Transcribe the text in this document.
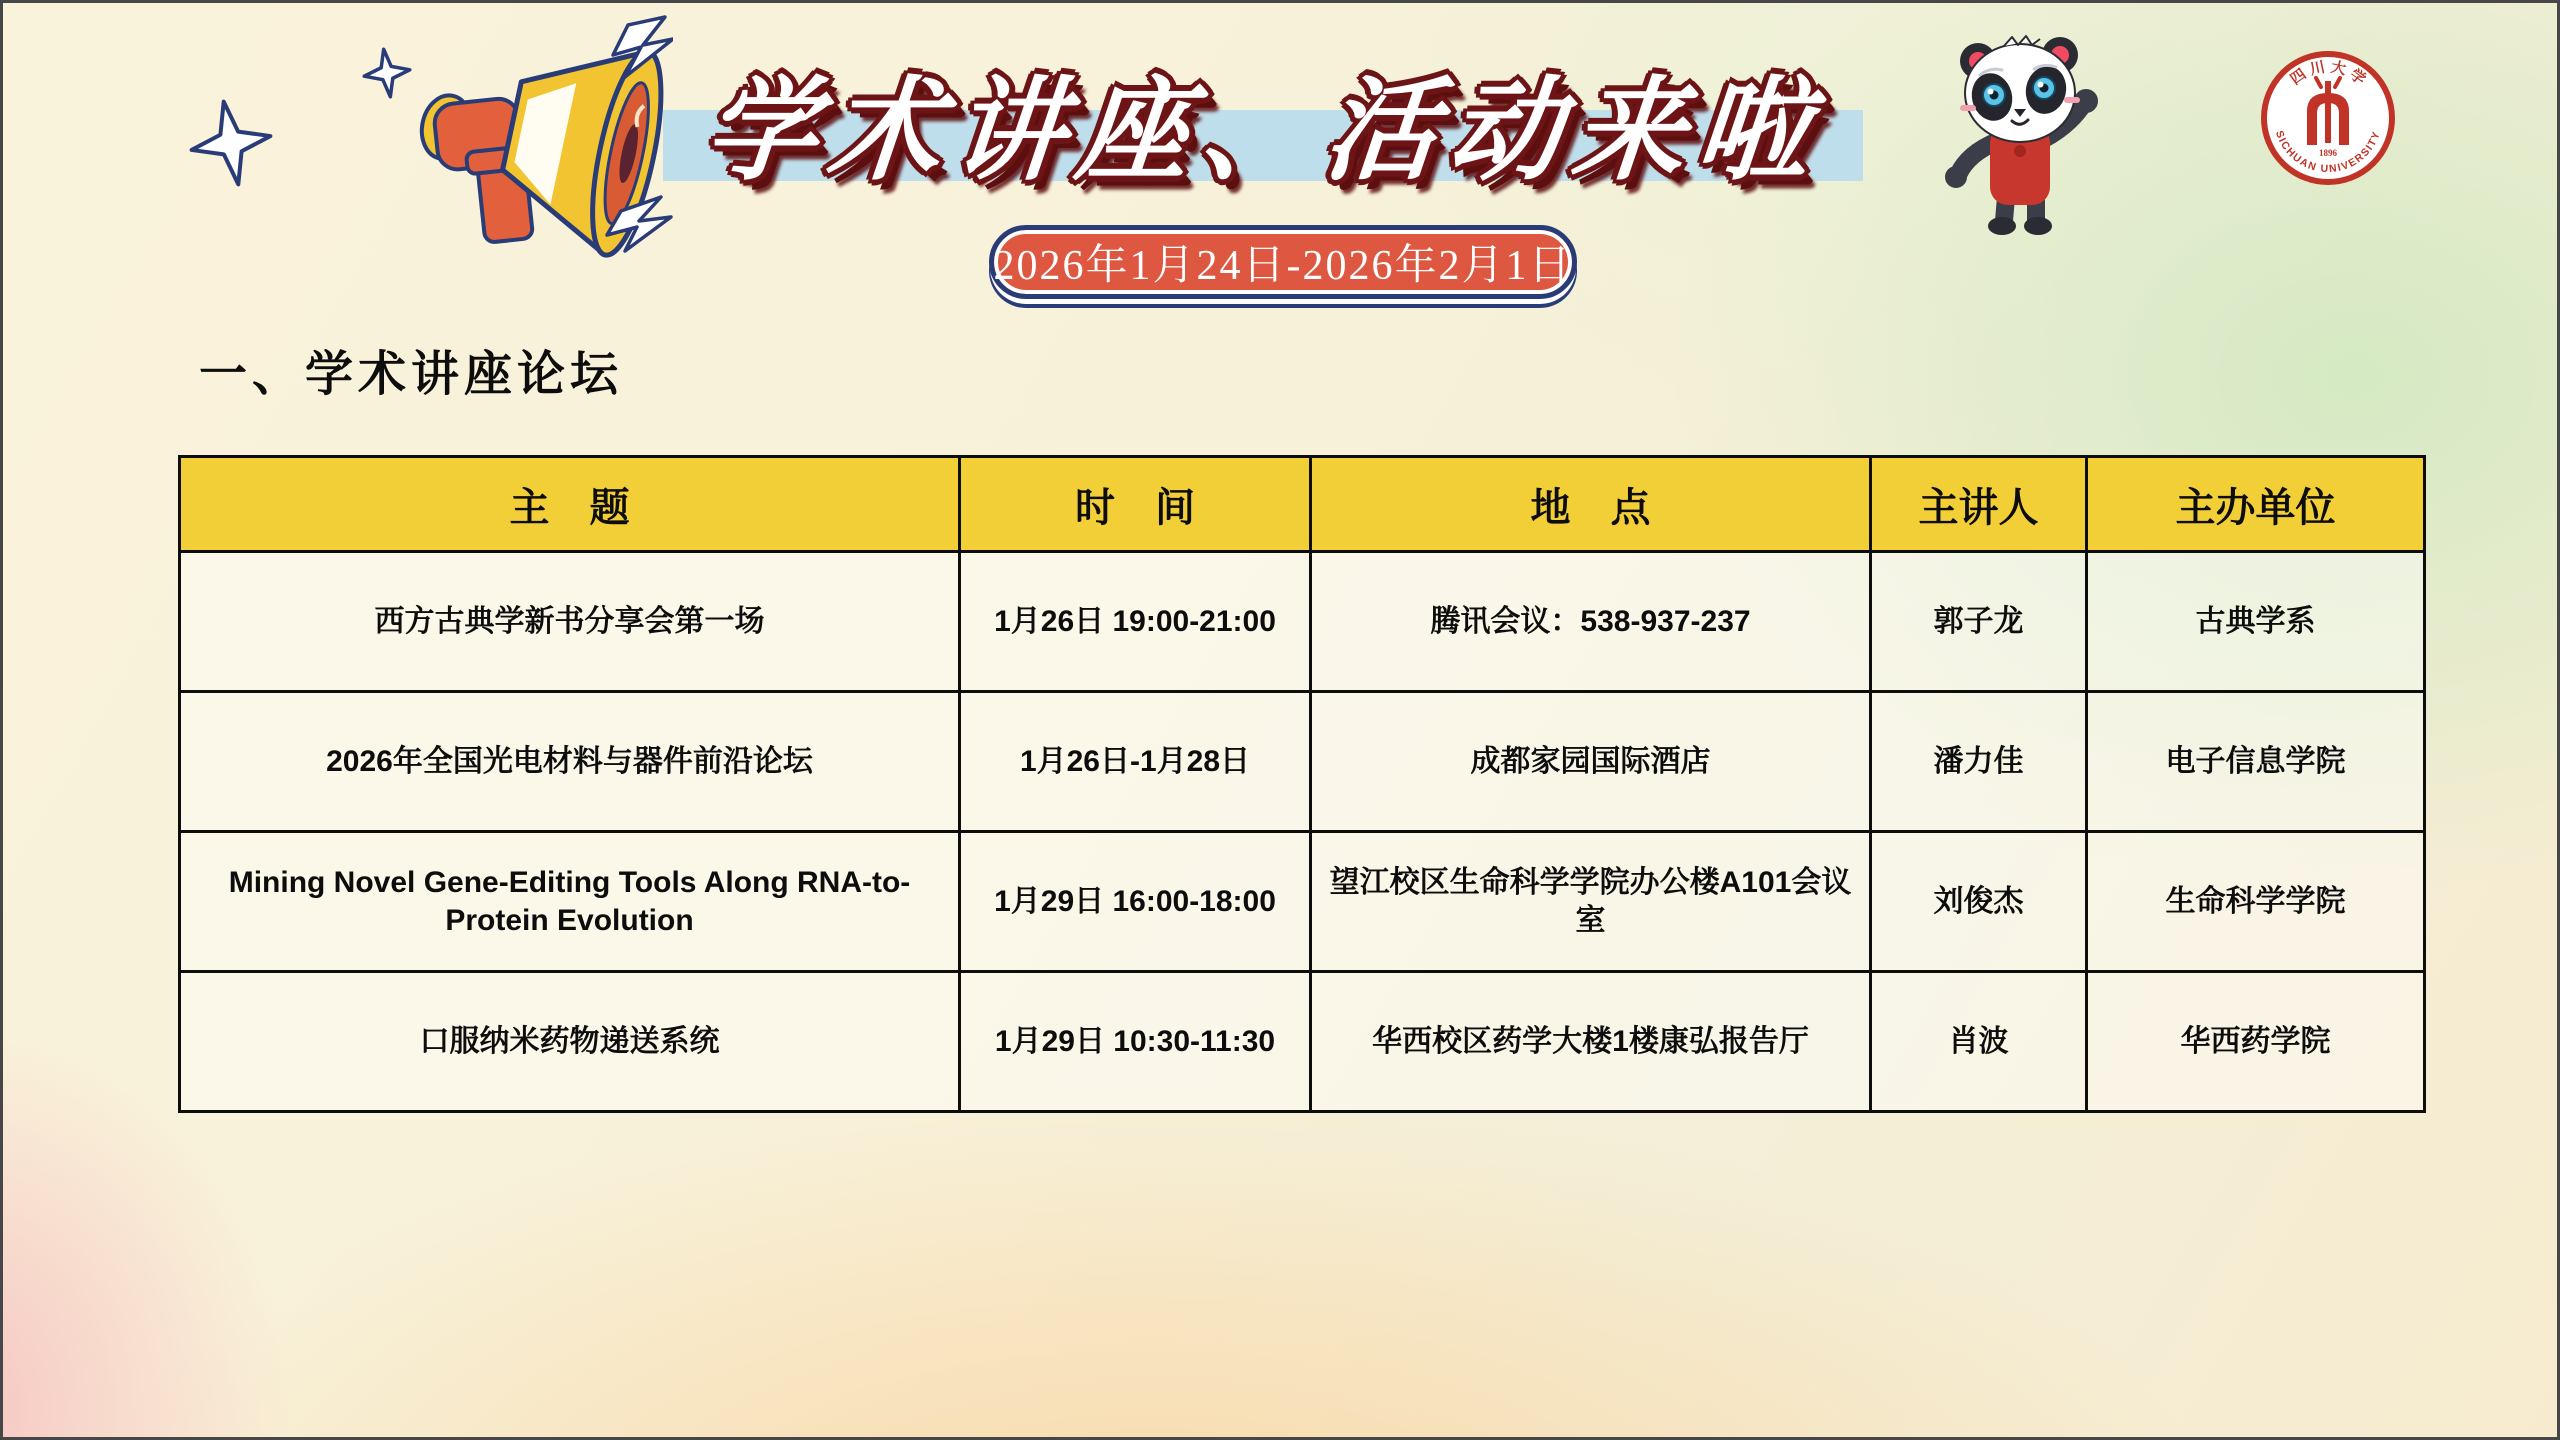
学术讲座、活动来啦
2026年1月24日-2026年2月1日
四 川 大 学
SICHUAN UNIVERSITY
1896
一、学术讲座论坛
主　题	时　间	地　点	主讲人	主办单位
西方古典学新书分享会第一场	1月26日 19:00-21:00	腾讯会议：538-937-237	郭子龙	古典学系
2026年全国光电材料与器件前沿论坛	1月26日-1月28日	成都家园国际酒店	潘力佳	电子信息学院
Mining Novel Gene-Editing Tools Along RNA-to-Protein Evolution	1月29日 16:00-18:00	望江校区生命科学学院办公楼A101会议室	刘俊杰	生命科学学院
口服纳米药物递送系统	1月29日 10:30-11:30	华西校区药学大楼1楼康弘报告厅	肖波	华西药学院
